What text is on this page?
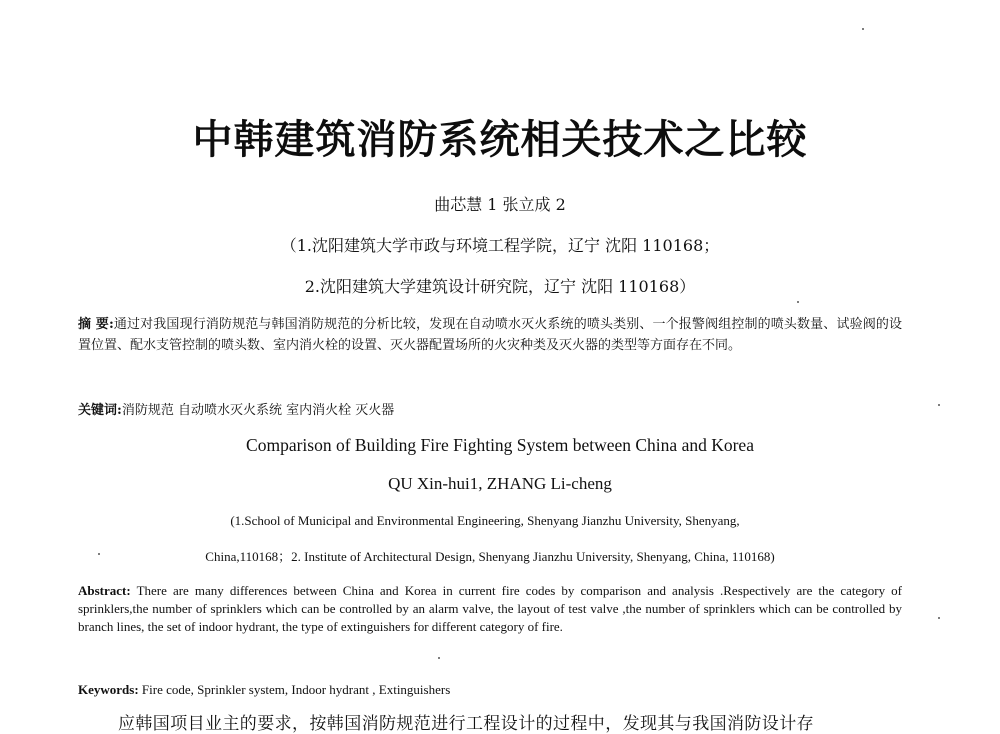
中韩建筑消防系统相关技术之比较
曲芯慧 1 张立成 2
（1.沈阳建筑大学市政与环境工程学院，辽宁 沈阳 110168；
2.沈阳建筑大学建筑设计研究院，辽宁 沈阳 110168）
摘 要:通过对我国现行消防规范与韩国消防规范的分析比较，发现在自动喷水灭火系统的喷头类别、一个报警阀组控制的喷头数量、试验阀的设置位置、配水支管控制的喷头数、室内消火栓的设置、灭火器配置场所的火灾种类及灭火器的类型等方面存在不同。
关键词:消防规范 自动喷水灭火系统 室内消火栓 灭火器
Comparison of Building Fire Fighting System between China and Korea
QU Xin-hui1, ZHANG Li-cheng
(1.School of Municipal and Environmental Engineering, Shenyang Jianzhu University, Shenyang,
China,110168；2. Institute of Architectural Design, Shenyang Jianzhu University, Shenyang, China, 110168)
Abstract: There are many differences between China and Korea in current fire codes by comparison and analysis .Respectively are the category of sprinklers,the number of sprinklers which can be controlled by an alarm valve, the layout of test valve ,the number of sprinklers which can be controlled by branch lines, the set of indoor hydrant, the type of extinguishers for different category of fire.
Keywords: Fire code, Sprinkler system, Indoor hydrant , Extinguishers
应韩国项目业主的要求，按韩国消防规范进行工程设计的过程中，发现其与我国消防设计存
